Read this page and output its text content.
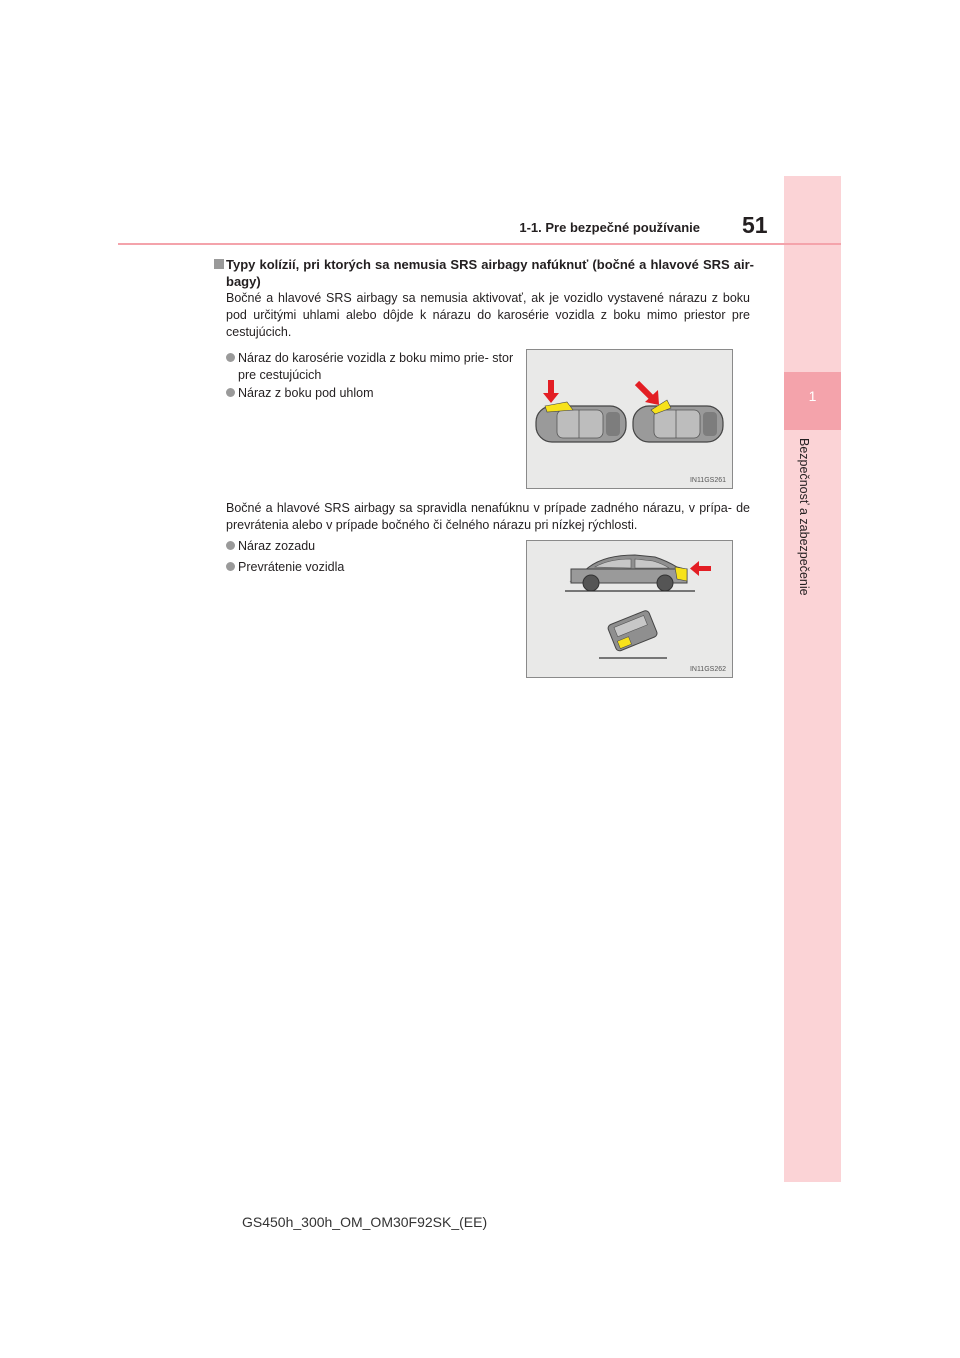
1
Bezpečnosť a zabezpečenie
1-1. Pre bezpečné používanie 51
Typy kolízií, pri ktorých sa nemusia SRS airbagy nafúknuť (bočné a hlavové SRS air- bagy)
Bočné a hlavové SRS airbagy sa nemusia aktivovať, ak je vozidlo vystavené nárazu z boku pod určitými uhlami alebo dôjde k nárazu do karosérie vozidla z boku mimo priestor pre cestujúcich.
Náraz do karosérie vozidla z boku mimo prie- stor pre cestujúcich
Náraz z boku pod uhlom
IN11GS261
Bočné a hlavové SRS airbagy sa spravidla nenafúknu v prípade zadného nárazu, v prípa- de prevrátenia alebo v prípade bočného či čelného nárazu pri nízkej rýchlosti.
Náraz zozadu
Prevrátenie vozidla
IN11GS262
GS450h_300h_OM_OM30F92SK_(EE)
